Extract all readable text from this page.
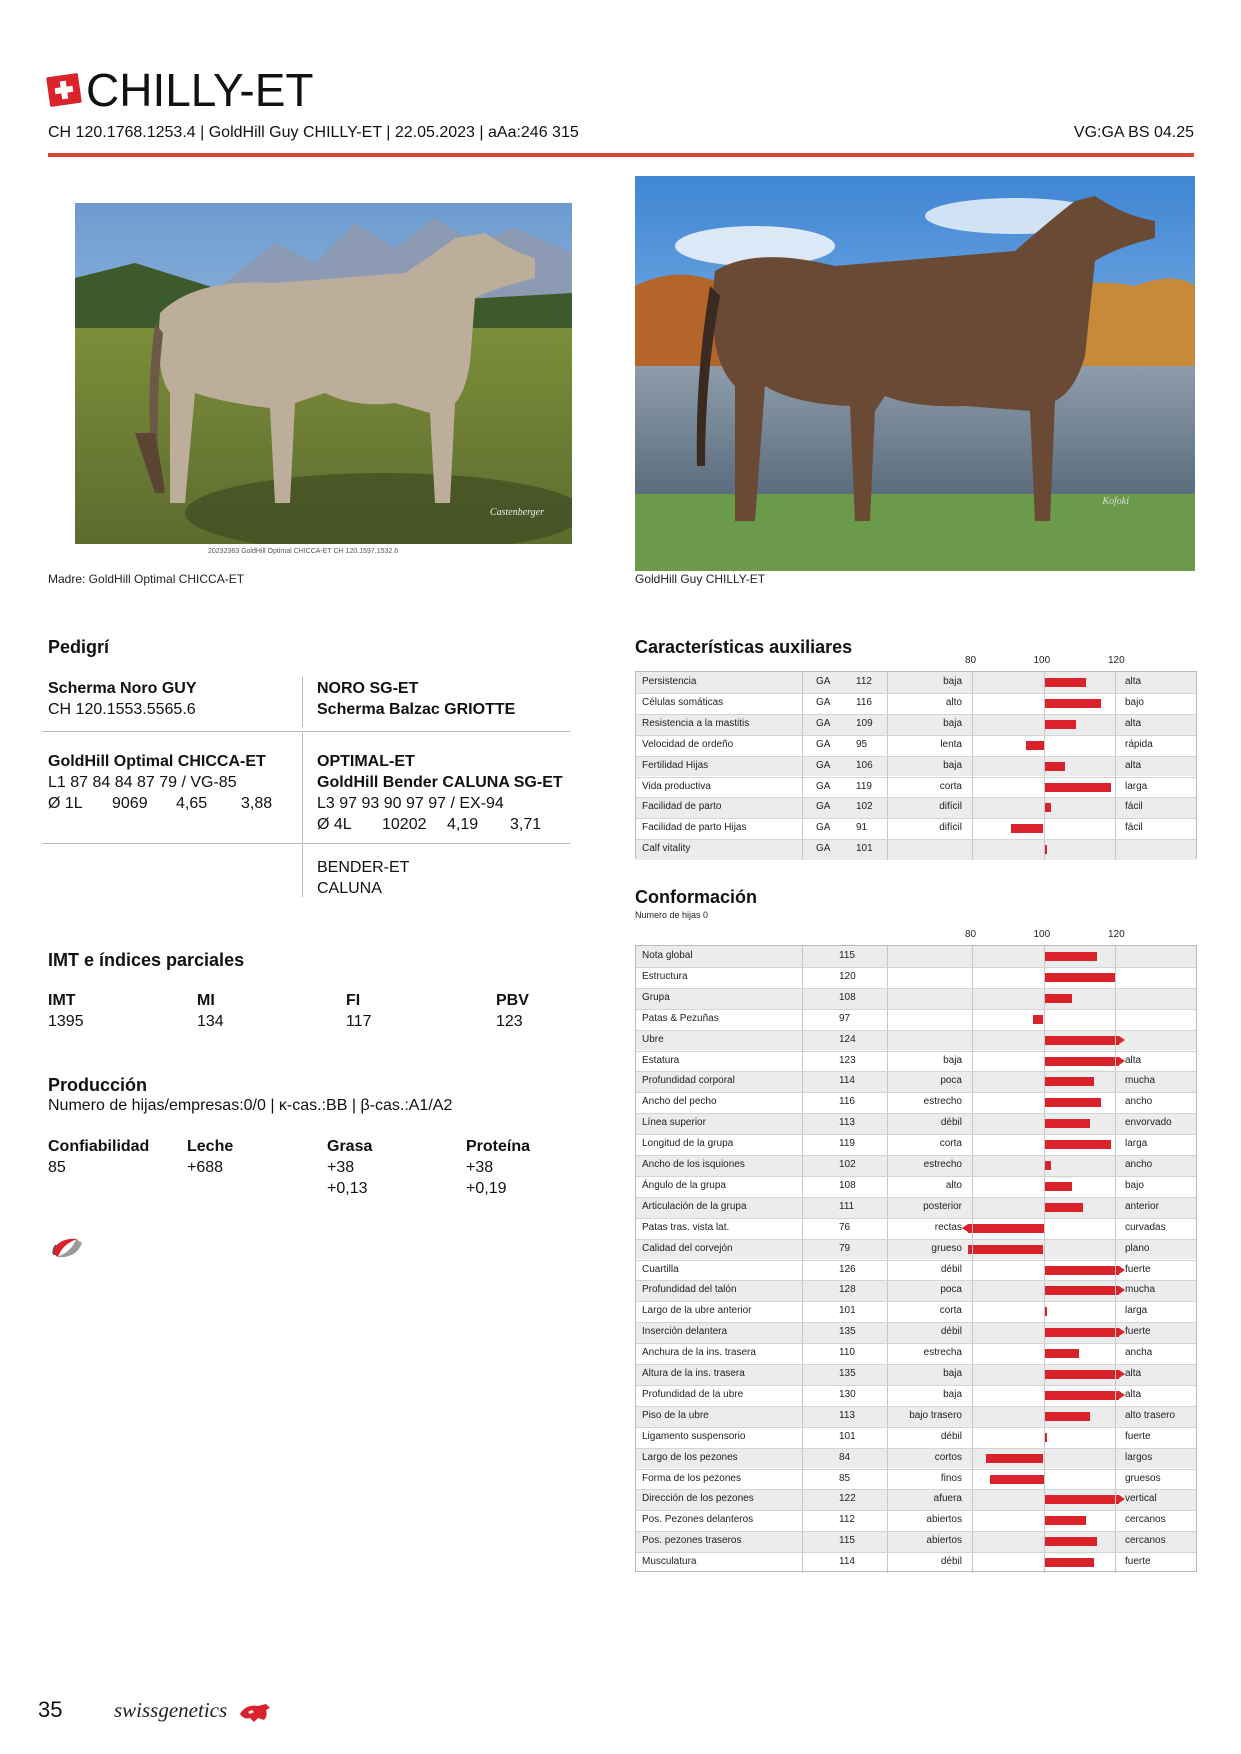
CHILLY-ET
CH 120.1768.1253.4 | GoldHill Guy CHILLY-ET | 22.05.2023 | aAa:246 315	VG:GA BS 04.25
Castenberger
20232363 GoldHill Optimal CHICCA-ET CH 120.1597.1532.6
Madre: GoldHill Optimal CHICCA-ET
Kofoki
GoldHill Guy CHILLY-ET
Pedigrí
Scherma Noro GUY
CH 120.1553.5565.6
NORO SG-ET
Scherma Balzac GRIOTTE
GoldHill Optimal CHICCA-ET
L1 87 84 84 87 79 / VG-85
Ø 1L 9069 4,65 3,88
OPTIMAL-ET
GoldHill Bender CALUNA SG-ET
L3 97 93 90 97 97 / EX-94
Ø 4L 10202 4,19 3,71
BENDER-ET
CALUNA
IMT e índices parciales
IMT
1395
MI
134
FI
117
PBV
123
Producción
Numero de hijas/empresas:0/0 | κ-cas.:BB | β-cas.:A1/A2
Confiabilidad
85
Leche
+688
Grasa
+38
+0,13
Proteína
+38
+0,19
Características auxiliares
80	100	120
Persistencia	GA	112	baja	alta
Células somáticas	GA	116	alto	bajo
Resistencia a la mastitis	GA	109	baja	alta
Velocidad de ordeño	GA	95	lenta	rápida
Fertilidad Hijas	GA	106	baja	alta
Vida productiva	GA	119	corta	larga
Facilidad de parto	GA	102	difícil	fácil
Facilidad de parto Hijas	GA	91	difícil	fácil
Calf vitality	GA	101
Conformación
Numero de hijas 0
80	100	120
Nota global	115
Estructura	120
Grupa	108
Patas & Pezuñas	97
Ubre	124
Estatura	123	baja	alta
Profundidad corporal	114	poca	mucha
Ancho del pecho	116	estrecho	ancho
Línea superior	113	débil	envorvado
Longitud de la grupa	119	corta	larga
Ancho de los isquiones	102	estrecho	ancho
Ángulo de la grupa	108	alto	bajo
Articulación de la grupa	111	posterior	anterior
Patas tras. vista lat.	76	rectas	curvadas
Calidad del corvejón	79	grueso	plano
Cuartilla	126	débil	fuerte
Profundidad del talón	128	poca	mucha
Largo de la ubre anterior	101	corta	larga
Inserción delantera	135	débil	fuerte
Anchura de la ins. trasera	110	estrecha	ancha
Altura de la ins. trasera	135	baja	alta
Profundidad de la ubre	130	baja	alta
Piso de la ubre	113	bajo trasero	alto trasero
Ligamento suspensorio	101	débil	fuerte
Largo de los pezones	84	cortos	largos
Forma de los pezones	85	finos	gruesos
Dirección de los pezones	122	afuera	vertical
Pos. Pezones delanteros	112	abiertos	cercanos
Pos. pezones traseros	115	abiertos	cercanos
Musculatura	114	débil	fuerte
35 swissgenetics
